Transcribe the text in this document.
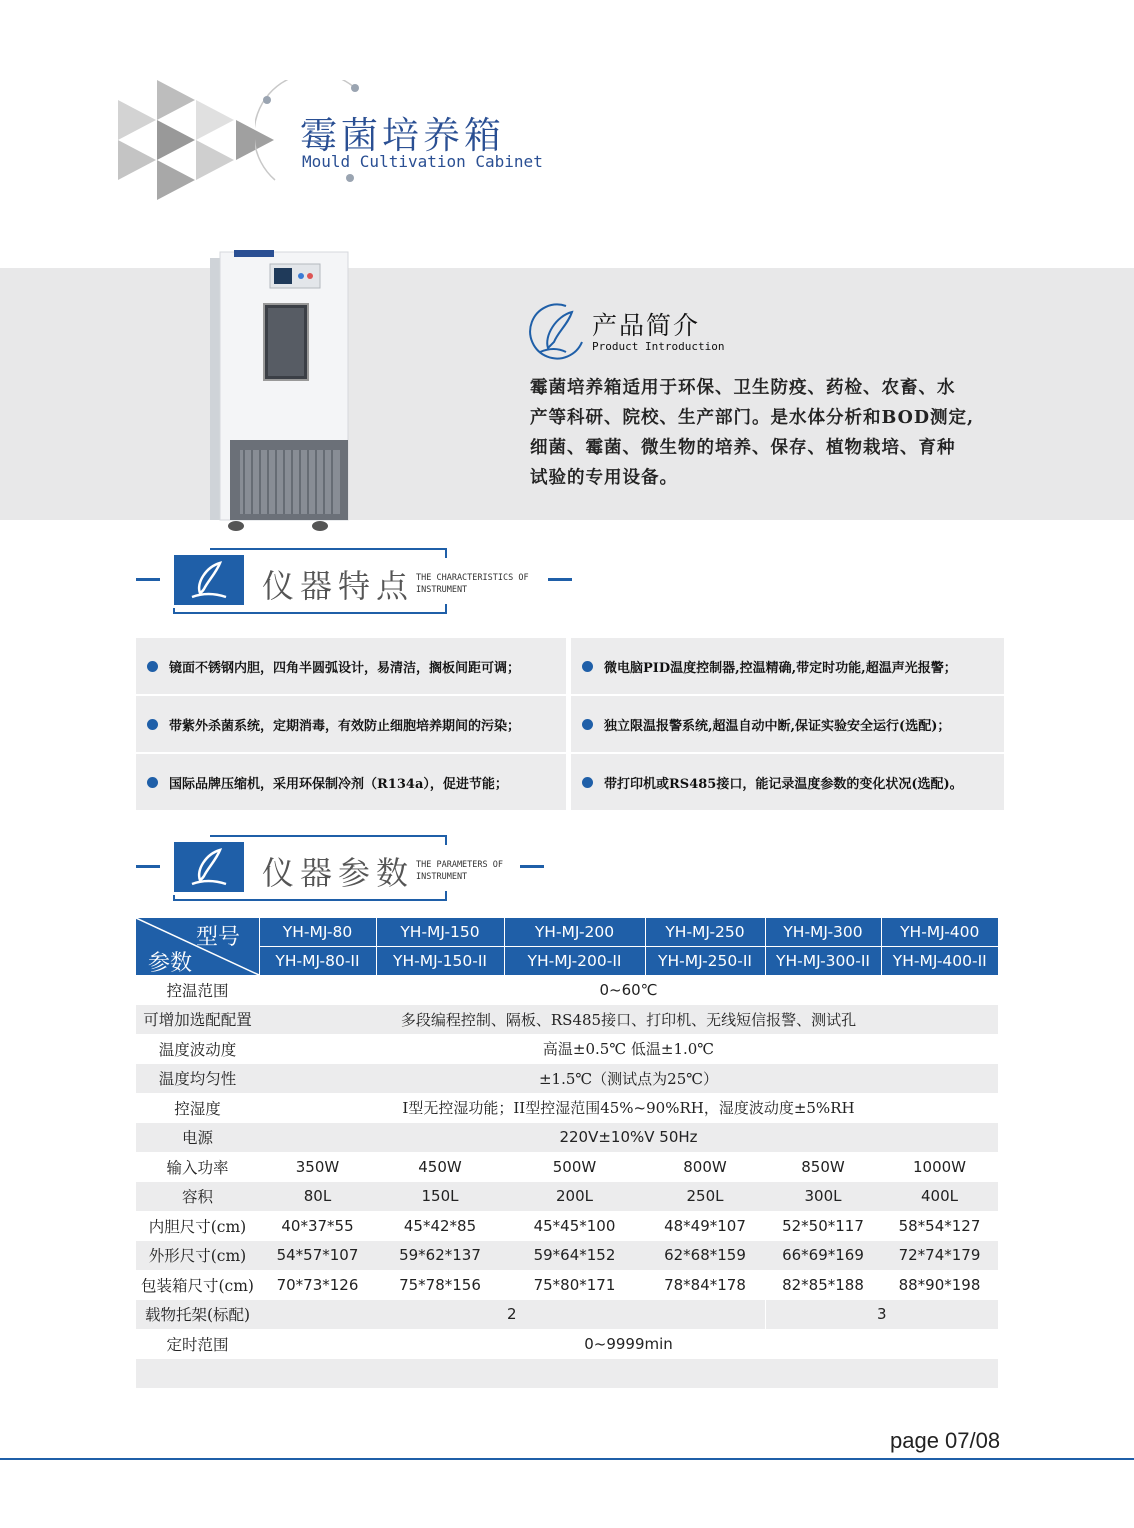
霉菌培养箱
Mould Cultivation Cabinet
产品简介
Product Introduction
霉菌培养箱适用于环保、卫生防疫、药检、农畜、水
产等科研、院校、生产部门。是水体分析和BOD测定,
细菌、霉菌、微生物的培养、保存、植物栽培、育种
试验的专用设备。
仪器特点 THE CHARACTERISTICS OF
INSTRUMENT
镜面不锈钢内胆，四角半圆弧设计，易清洁，搁板间距可调；	微电脑PID温度控制器,控温精确,带定时功能,超温声光报警；
带紫外杀菌系统，定期消毒，有效防止细胞培养期间的污染；	独立限温报警系统,超温自动中断,保证实验安全运行(选配)；
国际品牌压缩机，采用环保制冷剂（R134a），促进节能；	带打印机或RS485接口，能记录温度参数的变化状况(选配)。
仪器参数 THE PARAMETERS OF
INSTRUMENT
型号
参数	YH-MJ-80	YH-MJ-150	YH-MJ-200	YH-MJ-250	YH-MJ-300	YH-MJ-400
	YH-MJ-80-II	YH-MJ-150-II	YH-MJ-200-II	YH-MJ-250-II	YH-MJ-300-II	YH-MJ-400-II
控温范围	0~60℃					
可增加选配配置	多段编程控制、隔板、RS485接口、打印机、无线短信报警、测试孔					
温度波动度	高温±0.5℃ 低温±1.0℃					
温度均匀性	±1.5℃（测试点为25℃）					
控湿度	I型无控湿功能；II型控湿范围45%~90%RH，湿度波动度±5%RH					
电源	220V±10%V 50Hz					
输入功率	350W	450W	500W	800W	850W	1000W
容积	80L	150L	200L	250L	300L	400L
内胆尺寸(cm)	40*37*55	45*42*85	45*45*100	48*49*107	52*50*117	58*54*127
外形尺寸(cm)	54*57*107	59*62*137	59*64*152	62*68*159	66*69*169	72*74*179
包装箱尺寸(cm)	70*73*126	75*78*156	75*80*171	78*84*178	82*85*188	88*90*198
载物托架(标配)	2				3	
定时范围	0~9999min					

page 07/08
